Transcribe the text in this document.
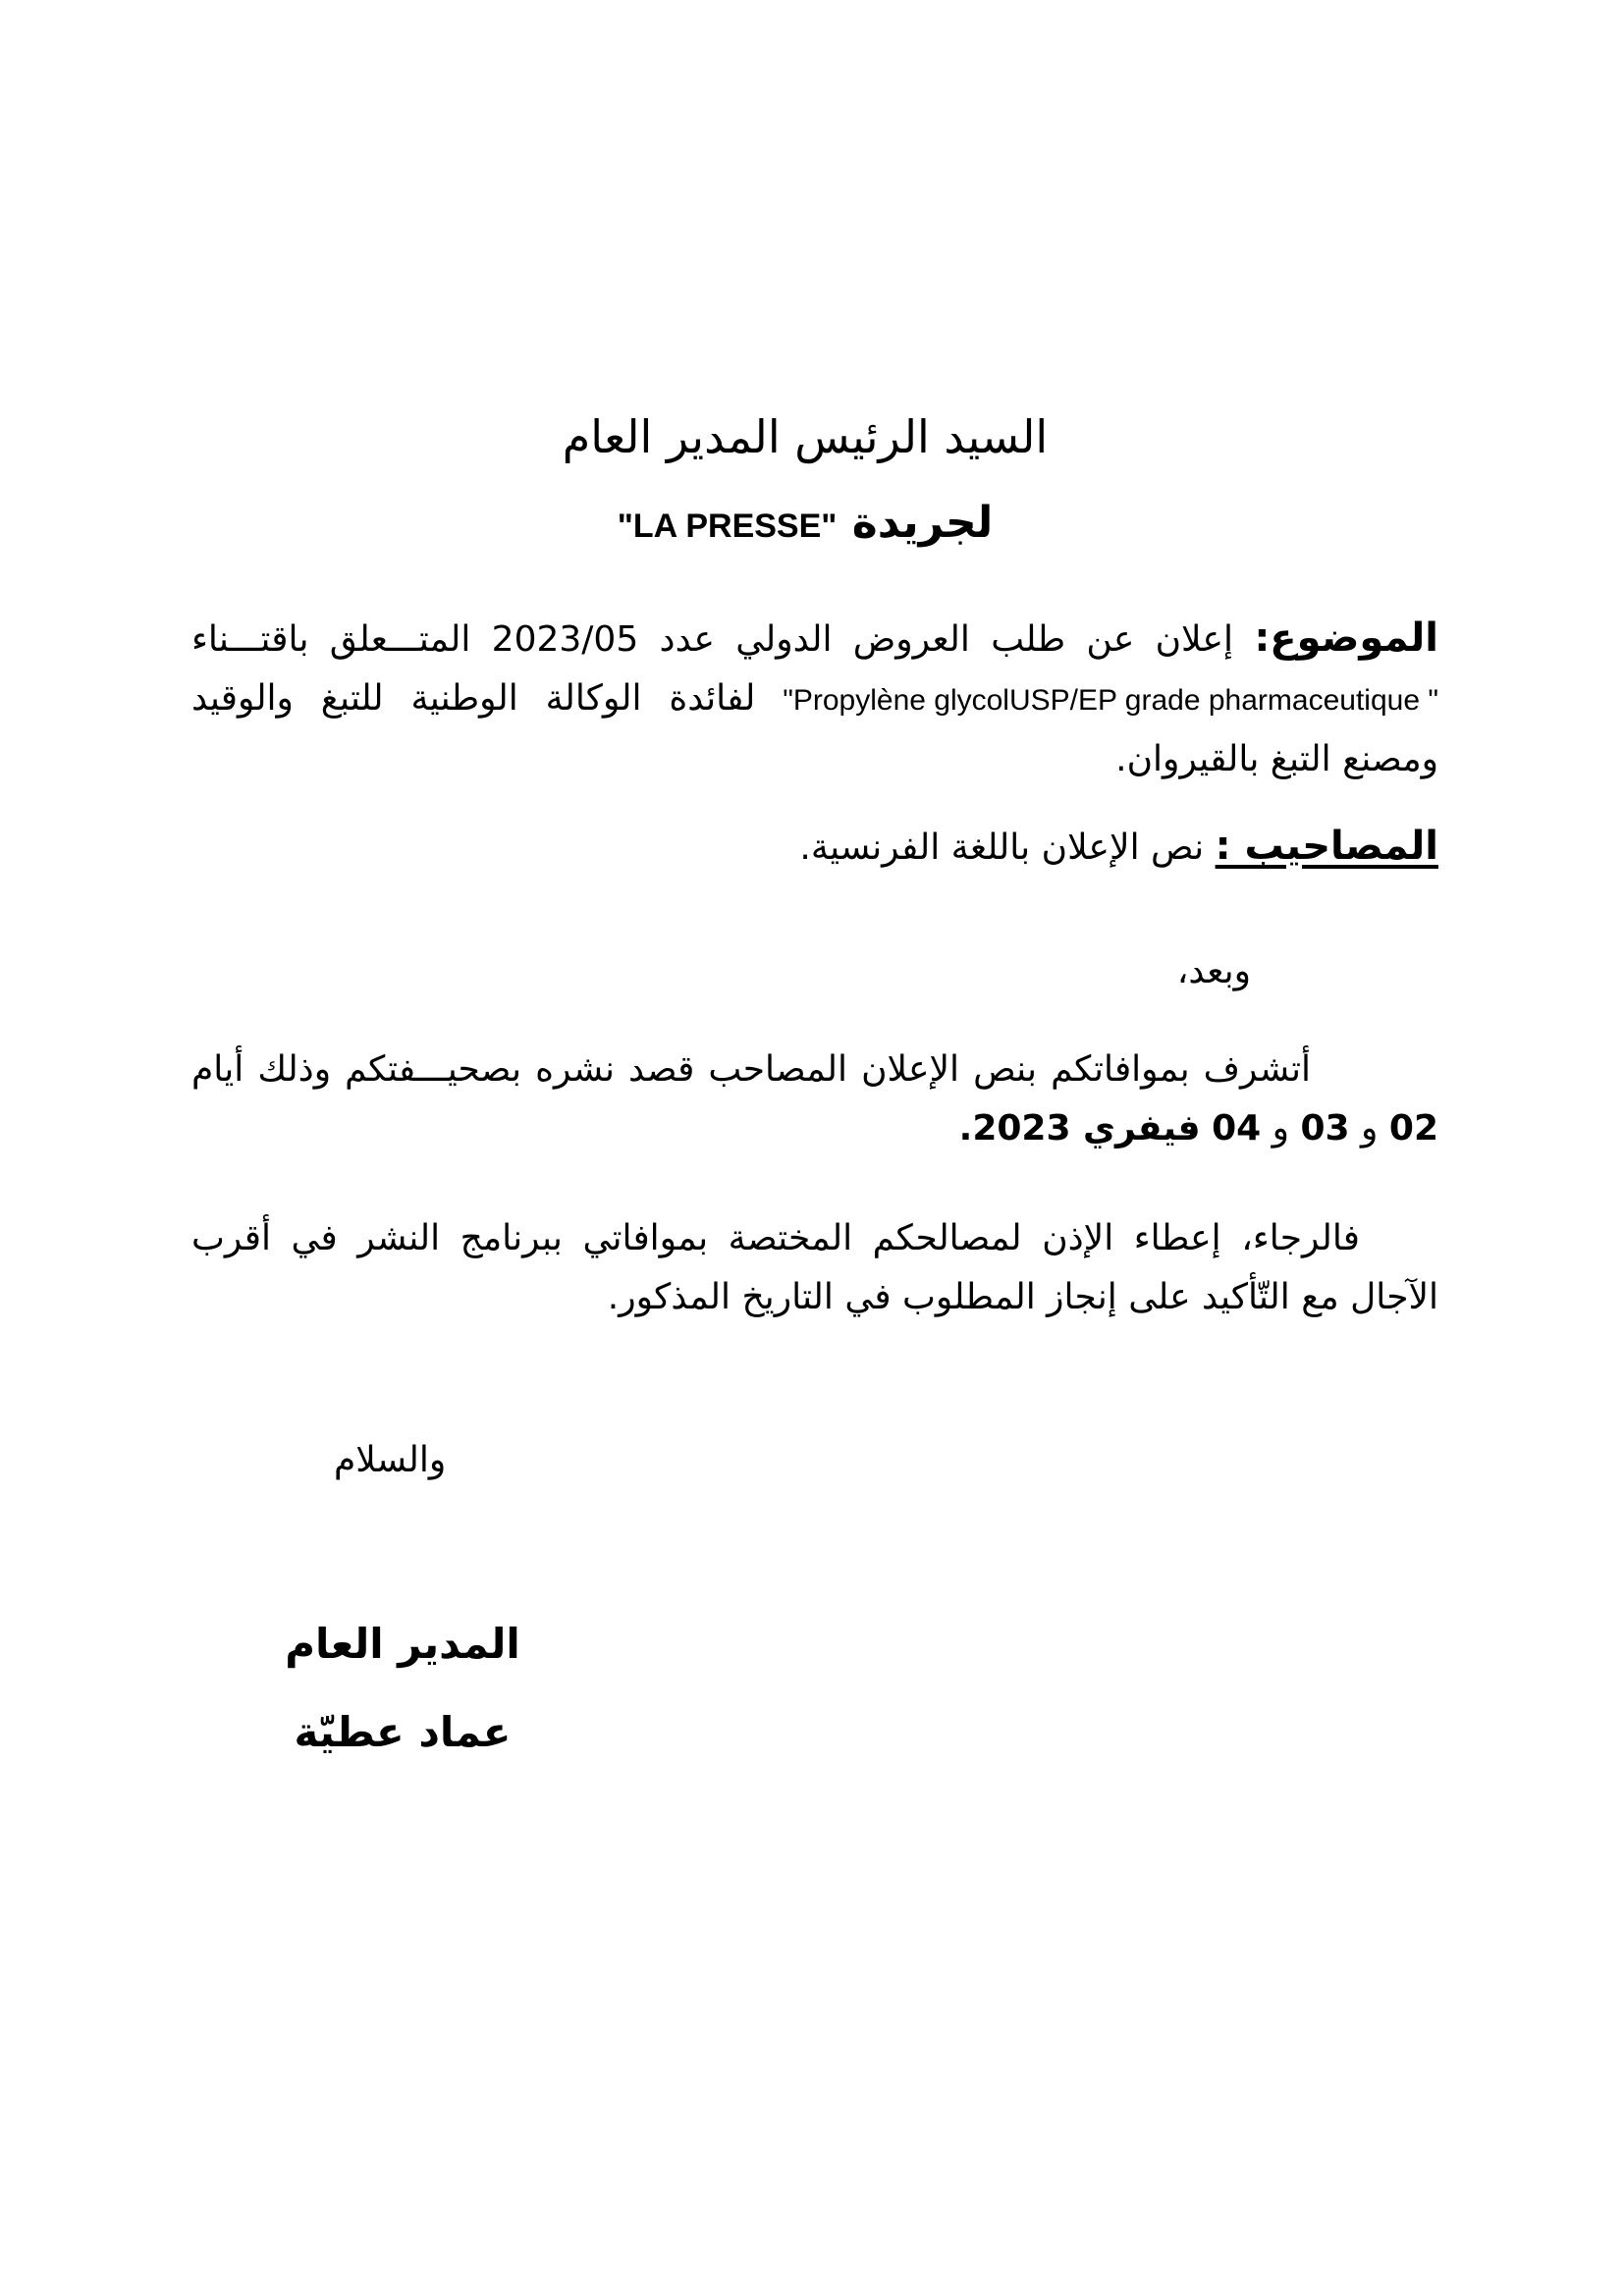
السيد الرئيس المدير العام
لجريدة "LA PRESSE"
الموضوع: إعلان عن طلب العروض الدولي عدد 2023/05 المتـــعلق باقتـــناء "Propylène glycolUSP/EP grade pharmaceutique " لفائدة الوكالة الوطنية للتبغ والوقيد ومصنع التبغ بالقيروان.
المصاحيب : نص الإعلان باللغة الفرنسية.
وبعد،
أتشرف بموافاتكم بنص الإعلان المصاحب قصد نشره بصحيـــفتكم وذلك أيام 02 و 03 و 04 فيفري 2023.
فالرجاء، إعطاء الإذن لمصالحكم المختصة بموافاتي ببرنامج النشر في أقرب الآجال مع التّأكيد على إنجاز المطلوب في التاريخ المذكور.
والسلام
المدير العام
عماد عطيّة
